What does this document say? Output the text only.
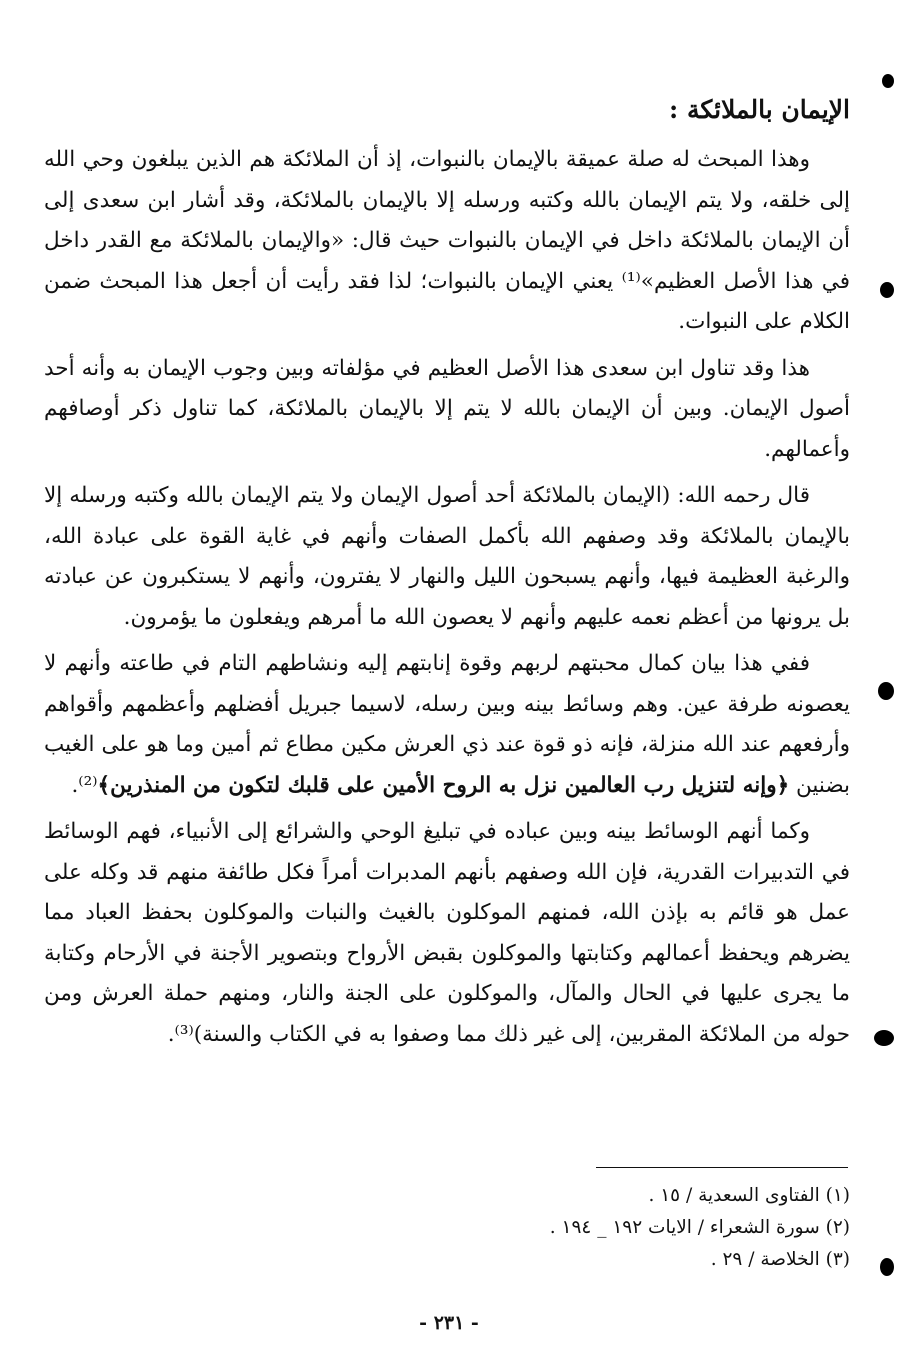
الإيمان بالملائكة :

وهذا المبحث له صلة عميقة بالإيمان بالنبوات، إذ أن الملائكة هم الذين يبلغون وحي الله إلى خلقه، ولا يتم الإيمان بالله وكتبه ورسله إلا بالإيمان بالملائكة، وقد أشار ابن سعدى إلى أن الإيمان بالملائكة داخل في الإيمان بالنبوات حيث قال: «والإيمان بالملائكة مع القدر داخل في هذا الأصل العظيم»⁽¹⁾ يعني الإيمان بالنبوات؛ لذا فقد رأيت أن أجعل هذا المبحث ضمن الكلام على النبوات.

هذا وقد تناول ابن سعدى هذا الأصل العظيم في مؤلفاته وبين وجوب الإيمان به وأنه أحد أصول الإيمان. وبين أن الإيمان بالله لا يتم إلا بالإيمان بالملائكة، كما تناول ذكر أوصافهم وأعمالهم.

قال رحمه الله: (الإيمان بالملائكة أحد أصول الإيمان ولا يتم الإيمان بالله وكتبه ورسله إلا بالإيمان بالملائكة وقد وصفهم الله بأكمل الصفات وأنهم في غاية القوة على عبادة الله، والرغبة العظيمة فيها، وأنهم يسبحون الليل والنهار لا يفترون، وأنهم لا يستكبرون عن عبادته بل يرونها من أعظم نعمه عليهم وأنهم لا يعصون الله ما أمرهم ويفعلون ما يؤمرون.

ففي هذا بيان كمال محبتهم لربهم وقوة إنابتهم إليه ونشاطهم التام في طاعته وأنهم لا يعصونه طرفة عين. وهم وسائط بينه وبين رسله، لاسيما جبريل أفضلهم وأعظمهم وأقواهم وأرفعهم عند الله منزلة، فإنه ذو قوة عند ذي العرش مكين مطاع ثم أمين وما هو على الغيب بضنين ﴿وإنه لتنزيل رب العالمين نزل به الروح الأمين على قلبك لتكون من المنذرين﴾⁽²⁾.

وكما أنهم الوسائط بينه وبين عباده في تبليغ الوحي والشرائع إلى الأنبياء، فهم الوسائط في التدبيرات القدرية، فإن الله وصفهم بأنهم المدبرات أمراً فكل طائفة منهم قد وكله على عمل هو قائم به بإذن الله، فمنهم الموكلون بالغيث والنبات والموكلون بحفظ العباد مما يضرهم ويحفظ أعمالهم وكتابتها والموكلون بقبض الأرواح وبتصوير الأجنة في الأرحام وكتابة ما يجرى عليها في الحال والمآل، والموكلون على الجنة والنار، ومنهم حملة العرش ومن حوله من الملائكة المقربين، إلى غير ذلك مما وصفوا به في الكتاب والسنة)⁽³⁾.

(١) الفتاوى السعدية / ١٥ .

(٢) سورة الشعراء / الايات ١٩٢ _ ١٩٤ .

(٣) الخلاصة / ٢٩ .

- ٢٣١ -
